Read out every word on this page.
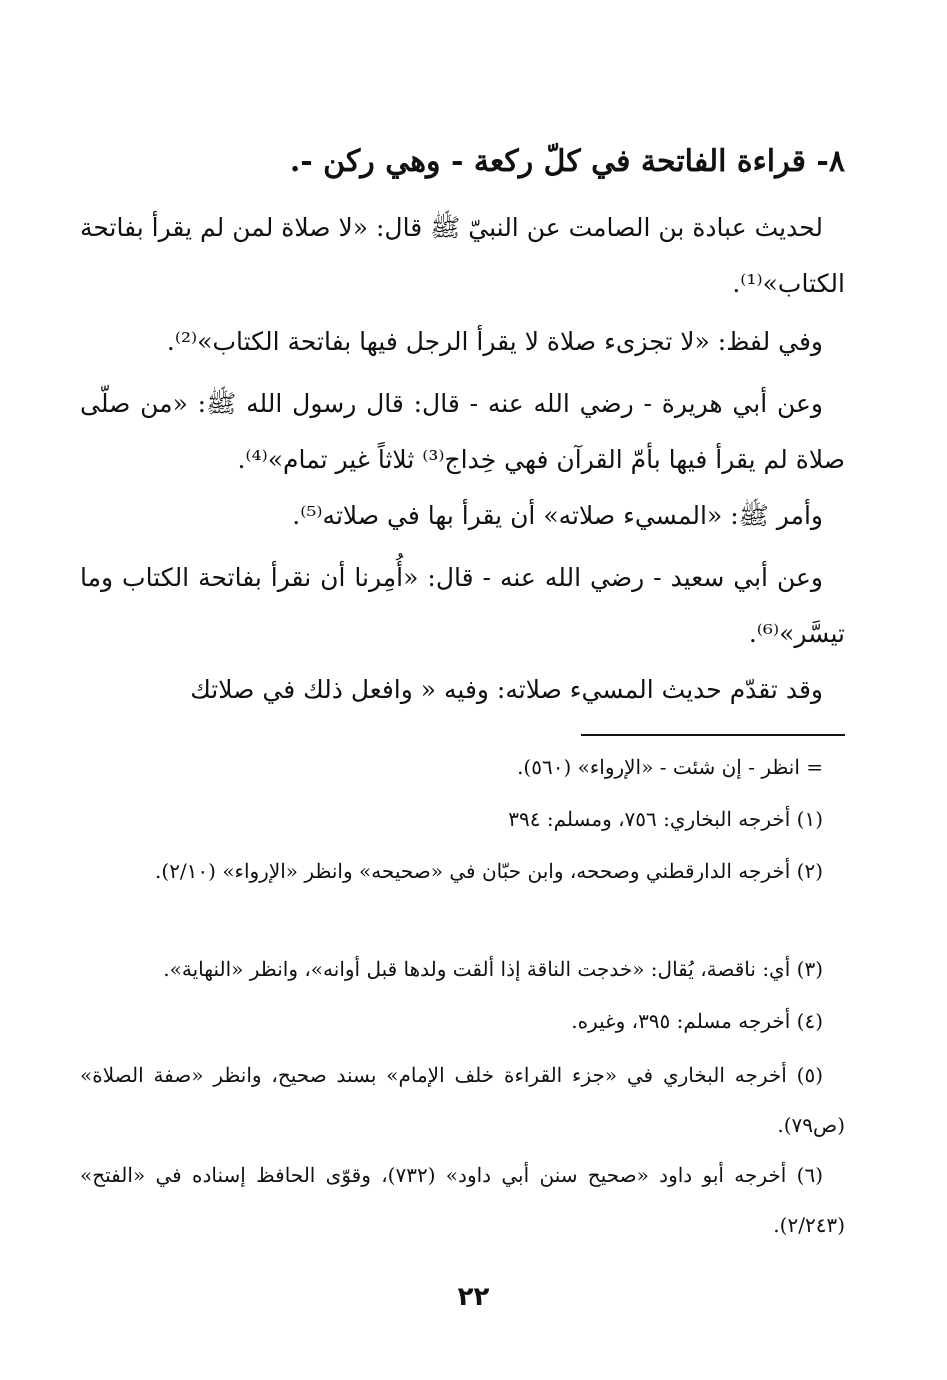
٨- قراءة الفاتحة في كلّ ركعة - وهي ركن -.
لحديث عبادة بن الصامت عن النبيّ ﷺ قال: «لا صلاة لمن لم يقرأ بفاتحة الكتاب»⁽¹⁾.
وفي لفظ: «لا تجزىء صلاة لا يقرأ الرجل فيها بفاتحة الكتاب»⁽²⁾.
وعن أبي هريرة - رضي الله عنه - قال: قال رسول الله ﷺ: «من صلّى صلاة لم يقرأ فيها بأمّ القرآن فهي خِداج⁽³⁾ ثلاثاً غير تمام»⁽⁴⁾.
وأمر ﷺ: «المسيء صلاته» أن يقرأ بها في صلاته⁽⁵⁾.
وعن أبي سعيد - رضي الله عنه - قال: «أُمِرنا أن نقرأ بفاتحة الكتاب وما تيسَّر»⁽⁶⁾.
وقد تقدّم حديث المسيء صلاته: وفيه « وافعل ذلك في صلاتك
= انظر - إن شئت - «الإرواء» (٥٦٠).
(١) أخرجه البخاري: ٧٥٦، ومسلم: ٣٩٤
(٢) أخرجه الدارقطني وصححه، وابن حبّان في «صحيحه» وانظر «الإرواء» (٢/١٠).
(٣) أي: ناقصة، يُقال: «خدجت الناقة إذا ألقت ولدها قبل أوانه»، وانظر «النهاية».
(٤) أخرجه مسلم: ٣٩٥، وغيره.
(٥) أخرجه البخاري في «جزء القراءة خلف الإمام» بسند صحيح، وانظر «صفة الصلاة» (ص٧٩).
(٦) أخرجه أبو داود «صحيح سنن أبي داود» (٧٣٢)، وقوّى الحافظ إسناده في «الفتح» (٢/٢٤٣).
٢٢
